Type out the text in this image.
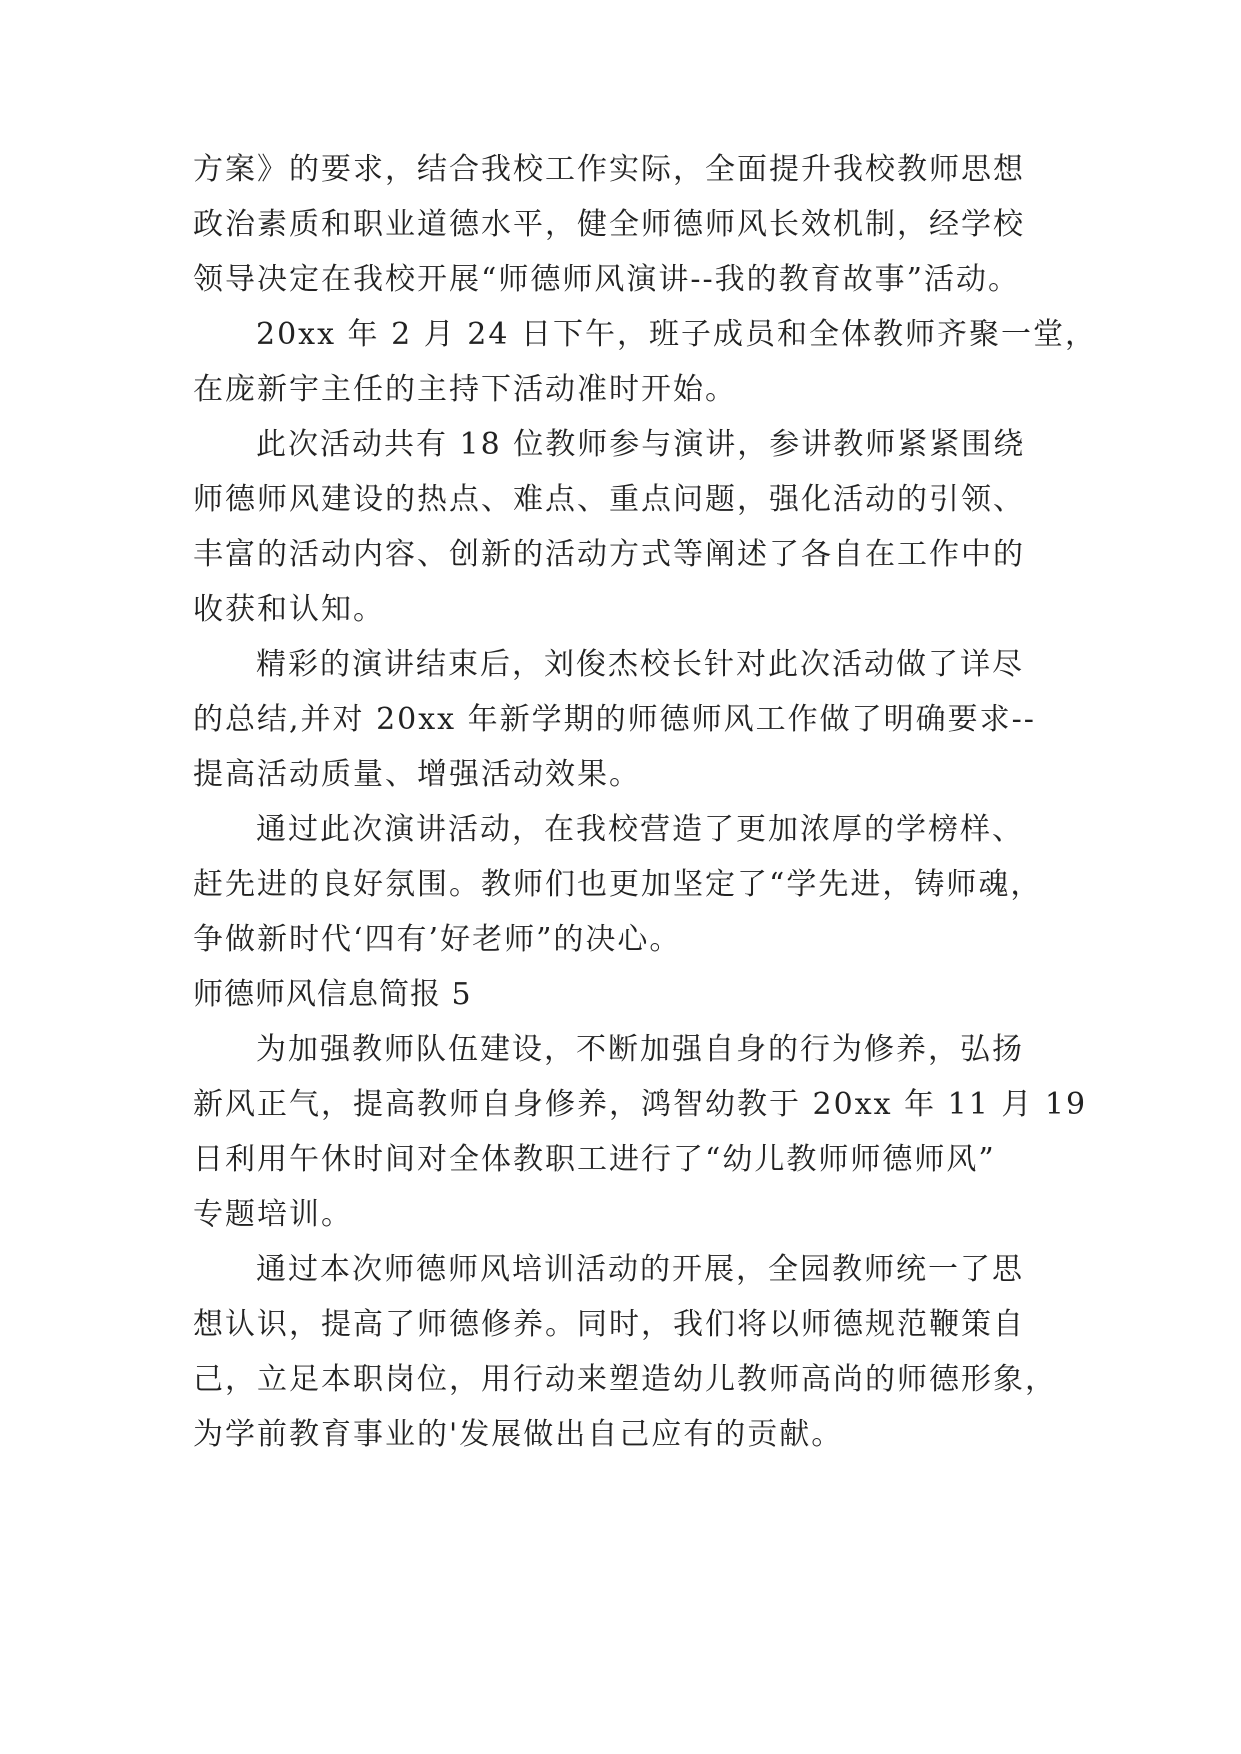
方案》的要求，结合我校工作实际，全面提升我校教师思想
政治素质和职业道德水平，健全师德师风长效机制，经学校
领导决定在我校开展“师德师风演讲--我的教育故事”活动。
20xx 年 2 月 24 日下午，班子成员和全体教师齐聚一堂，
在庞新宇主任的主持下活动准时开始。
此次活动共有 18 位教师参与演讲，参讲教师紧紧围绕
师德师风建设的热点、难点、重点问题，强化活动的引领、
丰富的活动内容、创新的活动方式等阐述了各自在工作中的
收获和认知。
精彩的演讲结束后，刘俊杰校长针对此次活动做了详尽
的总结,并对 20xx 年新学期的师德师风工作做了明确要求--
提高活动质量、增强活动效果。
通过此次演讲活动，在我校营造了更加浓厚的学榜样、
赶先进的良好氛围。教师们也更加坚定了“学先进，铸师魂，
争做新时代‘四有’好老师”的决心。
师德师风信息简报 5
为加强教师队伍建设，不断加强自身的行为修养，弘扬
新风正气，提高教师自身修养，鸿智幼教于 20xx 年 11 月 19
日利用午休时间对全体教职工进行了“幼儿教师师德师风”
专题培训。
通过本次师德师风培训活动的开展，全园教师统一了思
想认识，提高了师德修养。同时，我们将以师德规范鞭策自
己，立足本职岗位，用行动来塑造幼儿教师高尚的师德形象，
为学前教育事业的'发展做出自己应有的贡献。
